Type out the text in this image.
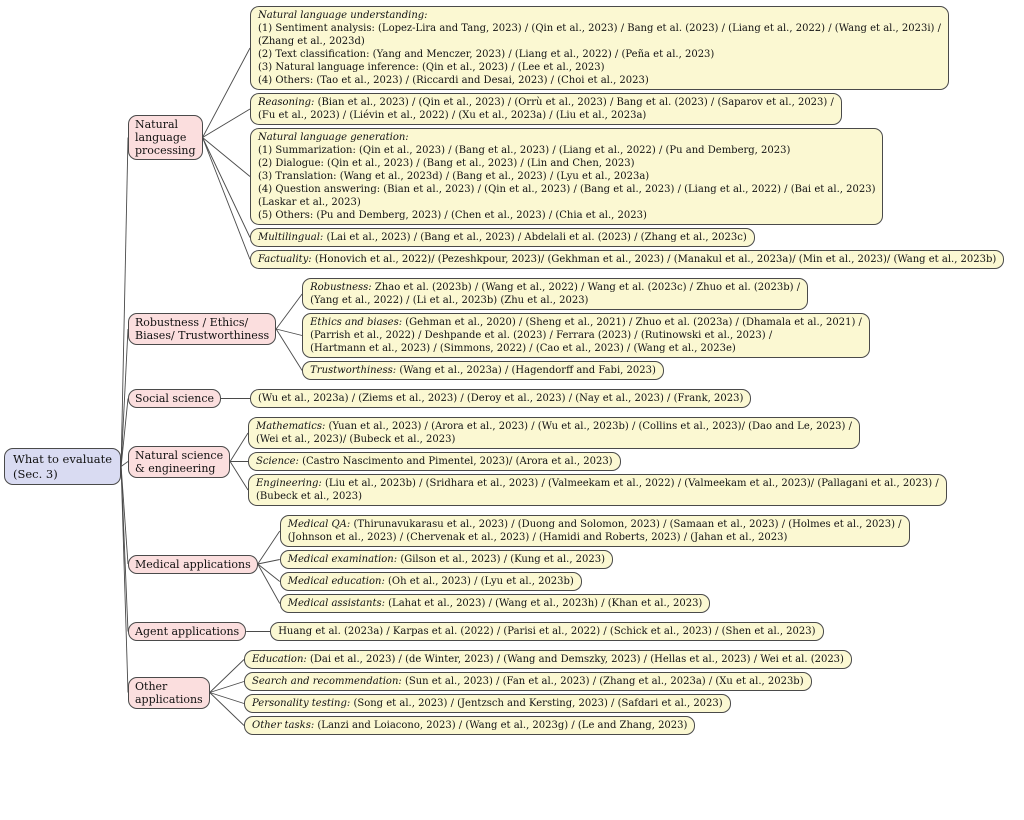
What to evaluate
(Sec. 3)
Natural
language
processing
Natural language understanding:
(1) Sentiment analysis: (Lopez-Lira and Tang, 2023) / (Qin et al., 2023) / Bang et al. (2023) / (Liang et al., 2022) / (Wang et al., 2023i) /
(Zhang et al., 2023d)
(2) Text classification: (Yang and Menczer, 2023) / (Liang et al., 2022) / (Peña et al., 2023)
(3) Natural language inference: (Qin et al., 2023) / (Lee et al., 2023)
(4) Others: (Tao et al., 2023) / (Riccardi and Desai, 2023) / (Choi et al., 2023)
Reasoning: (Bian et al., 2023) / (Qin et al., 2023) / (Orrù et al., 2023) / Bang et al. (2023) / (Saparov et al., 2023) /
(Fu et al., 2023) / (Liévin et al., 2022) / (Xu et al., 2023a) / (Liu et al., 2023a)
Natural language generation:
(1) Summarization: (Qin et al., 2023) / (Bang et al., 2023) / (Liang et al., 2022) / (Pu and Demberg, 2023)
(2) Dialogue: (Qin et al., 2023) / (Bang et al., 2023) / (Lin and Chen, 2023)
(3) Translation: (Wang et al., 2023d) / (Bang et al., 2023) / (Lyu et al., 2023a)
(4) Question answering: (Bian et al., 2023) / (Qin et al., 2023) / (Bang et al., 2023) / (Liang et al., 2022) / (Bai et al., 2023)
(Laskar et al., 2023)
(5) Others: (Pu and Demberg, 2023) / (Chen et al., 2023) / (Chia et al., 2023)
Multilingual: (Lai et al., 2023) / (Bang et al., 2023) / Abdelali et al. (2023) / (Zhang et al., 2023c)
Factuality: (Honovich et al., 2022)/ (Pezeshkpour, 2023)/ (Gekhman et al., 2023) / (Manakul et al., 2023a)/ (Min et al., 2023)/ (Wang et al., 2023b)
Robustness / Ethics/
Biases/ Trustworthiness
Robustness: Zhao et al. (2023b) / (Wang et al., 2022) / Wang et al. (2023c) / Zhuo et al. (2023b) /
(Yang et al., 2022) / (Li et al., 2023b) (Zhu et al., 2023)
Ethics and biases: (Gehman et al., 2020) / (Sheng et al., 2021) / Zhuo et al. (2023a) / (Dhamala et al., 2021) /
(Parrish et al., 2022) / Deshpande et al. (2023) / Ferrara (2023) / (Rutinowski et al., 2023) /
(Hartmann et al., 2023) / (Simmons, 2022) / (Cao et al., 2023) / (Wang et al., 2023e)
Trustworthiness: (Wang et al., 2023a) / (Hagendorff and Fabi, 2023)
Social science	(Wu et al., 2023a) / (Ziems et al., 2023) / (Deroy et al., 2023) / (Nay et al., 2023) / (Frank, 2023)
Natural science
& engineering
Mathematics: (Yuan et al., 2023) / (Arora et al., 2023) / (Wu et al., 2023b) / (Collins et al., 2023)/ (Dao and Le, 2023) /
(Wei et al., 2023)/ (Bubeck et al., 2023)
Science: (Castro Nascimento and Pimentel, 2023)/ (Arora et al., 2023)
Engineering: (Liu et al., 2023b) / (Sridhara et al., 2023) / (Valmeekam et al., 2022) / (Valmeekam et al., 2023)/ (Pallagani et al., 2023) /
(Bubeck et al., 2023)
Medical applications
Medical QA: (Thirunavukarasu et al., 2023) / (Duong and Solomon, 2023) / (Samaan et al., 2023) / (Holmes et al., 2023) /
(Johnson et al., 2023) / (Chervenak et al., 2023) / (Hamidi and Roberts, 2023) / (Jahan et al., 2023)
Medical examination: (Gilson et al., 2023) / (Kung et al., 2023)
Medical education: (Oh et al., 2023) / (Lyu et al., 2023b)
Medical assistants: (Lahat et al., 2023) / (Wang et al., 2023h) / (Khan et al., 2023)
Agent applications	Huang et al. (2023a) / Karpas et al. (2022) / (Parisi et al., 2022) / (Schick et al., 2023) / (Shen et al., 2023)
Other
applications
Education: (Dai et al., 2023) / (de Winter, 2023) / (Wang and Demszky, 2023) / (Hellas et al., 2023) / Wei et al. (2023)
Search and recommendation: (Sun et al., 2023) / (Fan et al., 2023) / (Zhang et al., 2023a) / (Xu et al., 2023b)
Personality testing: (Song et al., 2023) / (Jentzsch and Kersting, 2023) / (Safdari et al., 2023)
Other tasks: (Lanzi and Loiacono, 2023) / (Wang et al., 2023g) / (Le and Zhang, 2023)
